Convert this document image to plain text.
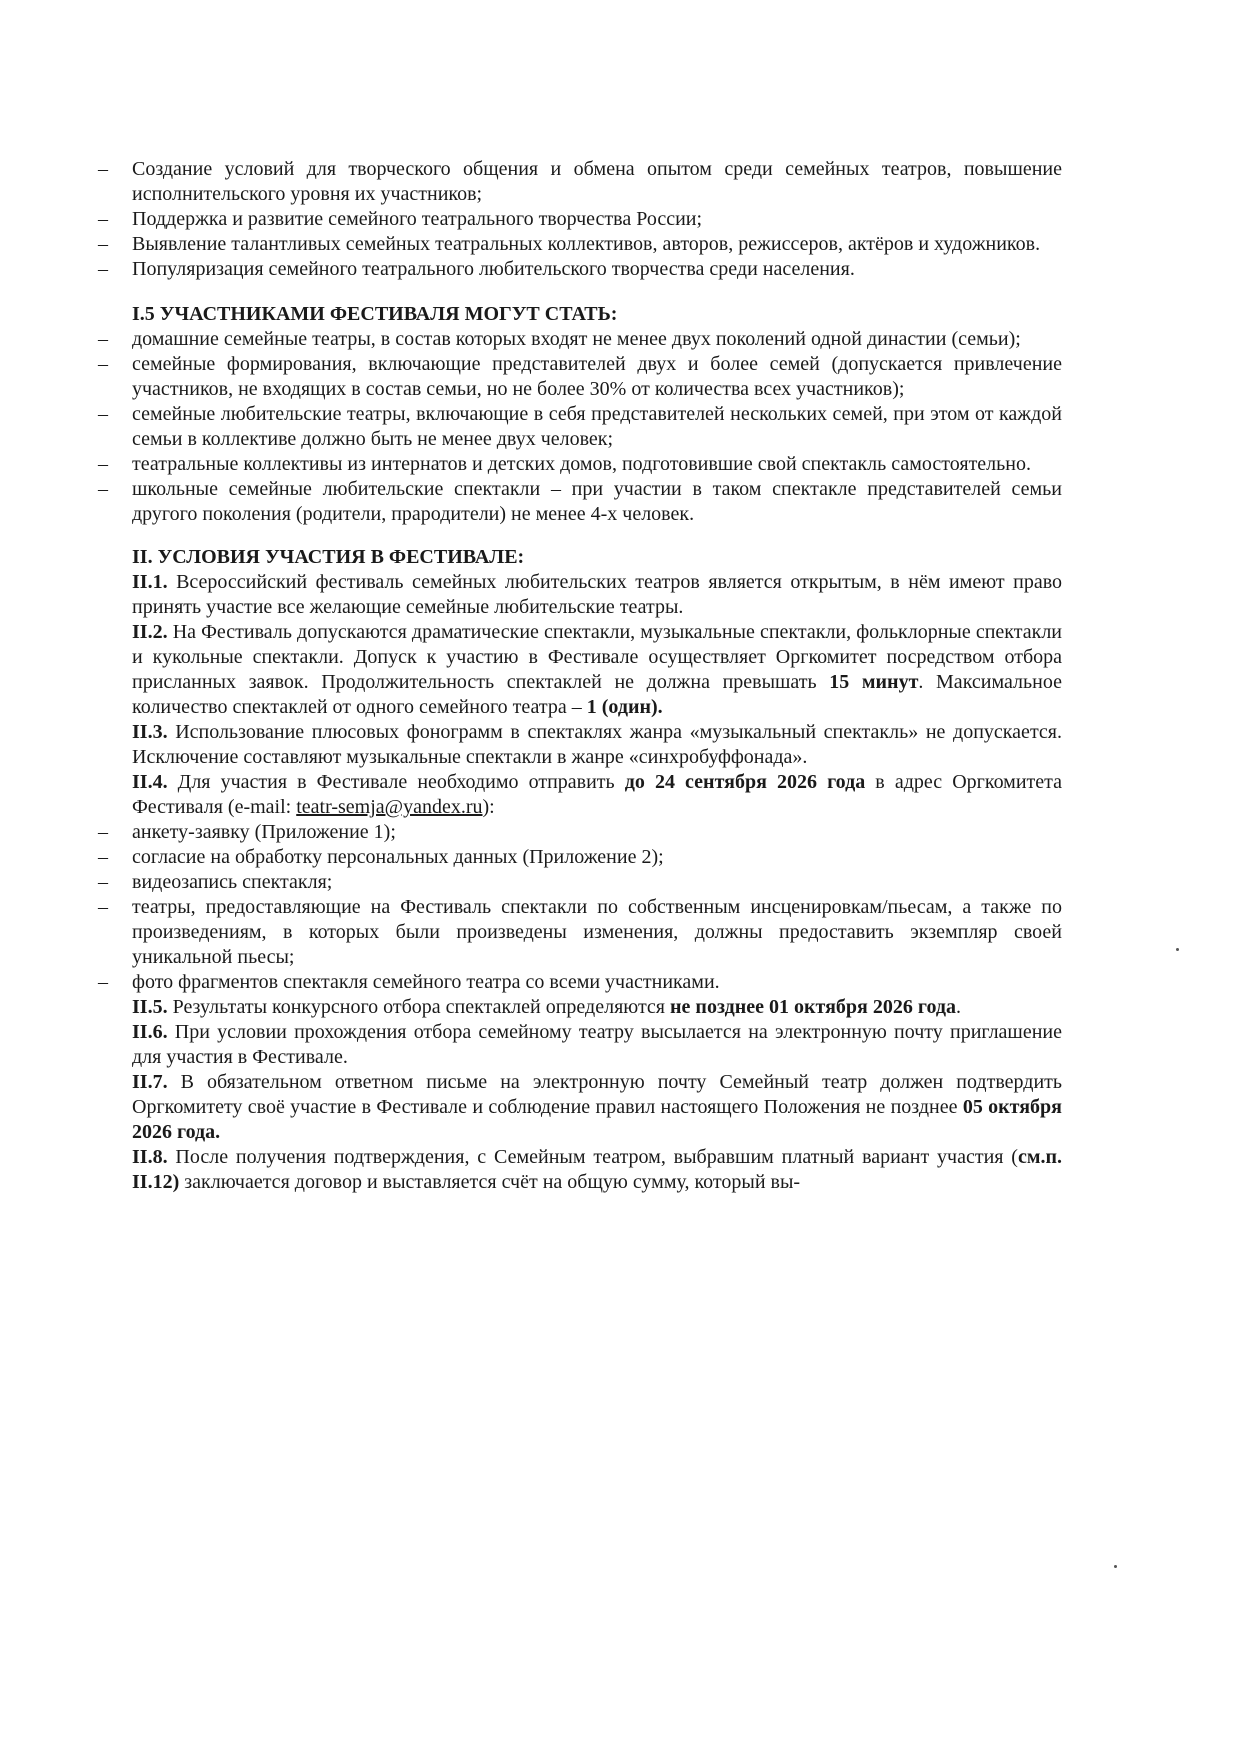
– Создание условий для творческого общения и обмена опытом среди семейных театров, повышение исполнительского уровня их участников;
– Поддержка и развитие семейного театрального творчества России;
– Выявление талантливых семейных театральных коллективов, авторов, режиссеров, актёров и художников.
– Популяризация семейного театрального любительского творчества среди населения.

I.5 УЧАСТНИКАМИ ФЕСТИВАЛЯ МОГУТ СТАТЬ:

– домашние семейные театры, в состав которых входят не менее двух поколений одной династии (семьи);
– семейные формирования, включающие представителей двух и более семей (допускается привлечение участников, не входящих в состав семьи, но не более 30% от количества всех участников);
– семейные любительские театры, включающие в себя представителей нескольких семей, при этом от каждой семьи в коллективе должно быть не менее двух человек;
– театральные коллективы из интернатов и детских домов, подготовившие свой спектакль самостоятельно.
– школьные семейные любительские спектакли – при участии в таком спектакле представителей семьи другого поколения (родители, прародители) не менее 4-х человек.

II. УСЛОВИЯ УЧАСТИЯ В ФЕСТИВАЛЕ:

II.1. Всероссийский фестиваль семейных любительских театров является открытым, в нём имеют право принять участие все желающие семейные любительские театры.

II.2. На Фестиваль допускаются драматические спектакли, музыкальные спектакли, фольклорные спектакли и кукольные спектакли. Допуск к участию в Фестивале осуществляет Оргкомитет посредством отбора присланных заявок. Продолжительность спектаклей не должна превышать 15 минут. Максимальное количество спектаклей от одного семейного театра – 1 (один).

II.3. Использование плюсовых фонограмм в спектаклях жанра «музыкальный спектакль» не допускается. Исключение составляют музыкальные спектакли в жанре «синхробуффонада».

II.4. Для участия в Фестивале необходимо отправить до 24 сентября 2026 года в адрес Оргкомитета Фестиваля (e-mail: teatr-semja@yandex.ru):

– анкету-заявку (Приложение 1);
– согласие на обработку персональных данных (Приложение 2);
– видеозапись спектакля;
– театры, предоставляющие на Фестиваль спектакли по собственным инсценировкам/пьесам, а также по произведениям, в которых были произведены изменения, должны предоставить экземпляр своей уникальной пьесы;
– фото фрагментов спектакля семейного театра со всеми участниками.

II.5. Результаты конкурсного отбора спектаклей определяются не позднее 01 октября 2026 года.

II.6. При условии прохождения отбора семейному театру высылается на электронную почту приглашение для участия в Фестивале.

II.7. В обязательном ответном письме на электронную почту Семейный театр должен подтвердить Оргкомитету своё участие в Фестивале и соблюдение правил настоящего Положения не позднее 05 октября 2026 года.

II.8. После получения подтверждения, с Семейным театром, выбравшим платный вариант участия (см.п. II.12) заключается договор и выставляется счёт на общую сумму, который вы-
